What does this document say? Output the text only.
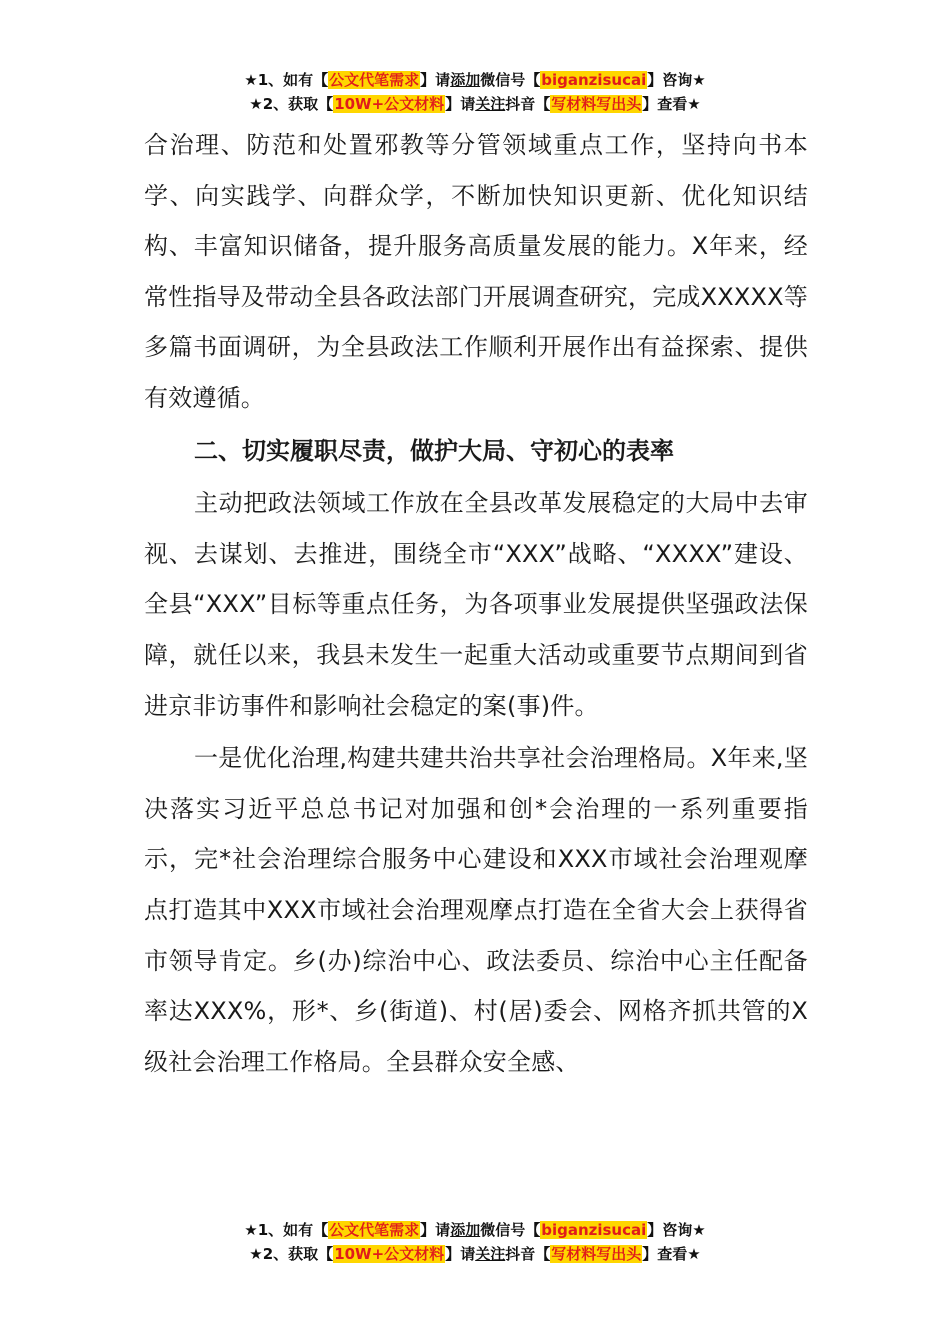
★1、如有【公文代笔需求】请添加微信号【biganzisucai】咨询★
★2、获取【10W+公文材料】请关注抖音【写材料写出头】查看★

合治理、防范和处置邪教等分管领域重点工作，坚持向书本学、向实践学、向群众学，不断加快知识更新、优化知识结构、丰富知识储备，提升服务高质量发展的能力。X年来，经常性指导及带动全县各政法部门开展调查研究，完成XXXXX等多篇书面调研，为全县政法工作顺利开展作出有益探索、提供有效遵循。

二、切实履职尽责，做护大局、守初心的表率

主动把政法领域工作放在全县改革发展稳定的大局中去审视、去谋划、去推进，围绕全市“XXX”战略、“XXXX”建设、全县“XXX”目标等重点任务，为各项事业发展提供坚强政法保障，就任以来，我县未发生一起重大活动或重要节点期间到省进京非访事件和影响社会稳定的案(事)件。

一是优化治理,构建共建共治共享社会治理格局。X年来,坚决落实习近平总总书记对加强和创*会治理的一系列重要指示，完*社会治理综合服务中心建设和XXX市域社会治理观摩点打造其中XXX市域社会治理观摩点打造在全省大会上获得省市领导肯定。乡(办)综治中心、政法委员、综治中心主任配备率达XXX%，形*、乡(街道)、村(居)委会、网格齐抓共管的X级社会治理工作格局。全县群众安全感、

★1、如有【公文代笔需求】请添加微信号【biganzisucai】咨询★
★2、获取【10W+公文材料】请关注抖音【写材料写出头】查看★
